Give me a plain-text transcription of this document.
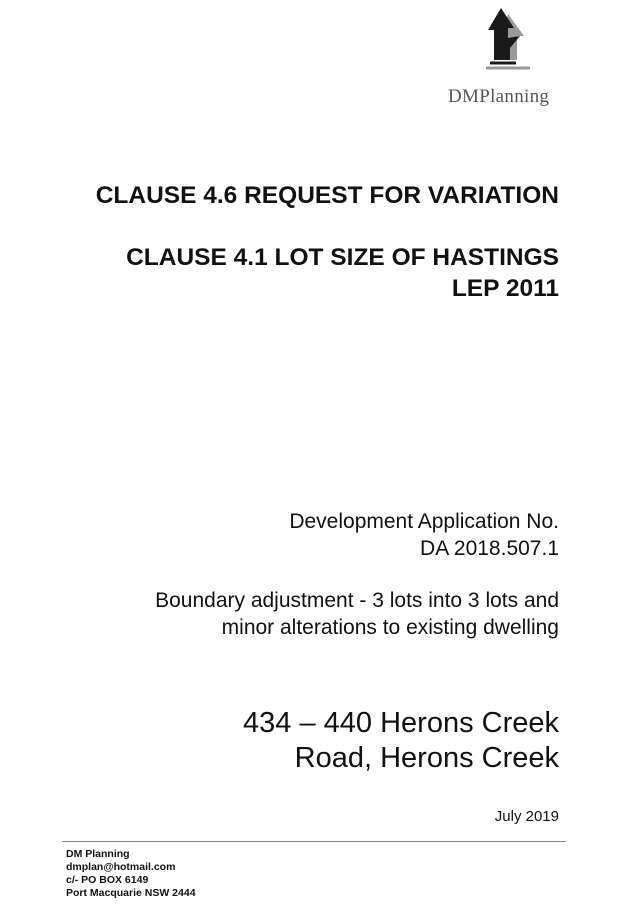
DMPlanning
CLAUSE 4.6 REQUEST FOR VARIATION
CLAUSE 4.1 LOT SIZE OF HASTINGS
LEP 2011

Development Application No.
DA 2018.507.1

Boundary adjustment - 3 lots into 3 lots and
minor alterations to existing dwelling

434 – 440 Herons Creek
Road, Herons Creek

July 2019

DM Planning
dmplan@hotmail.com
c/- PO BOX 6149
Port Macquarie NSW 2444
